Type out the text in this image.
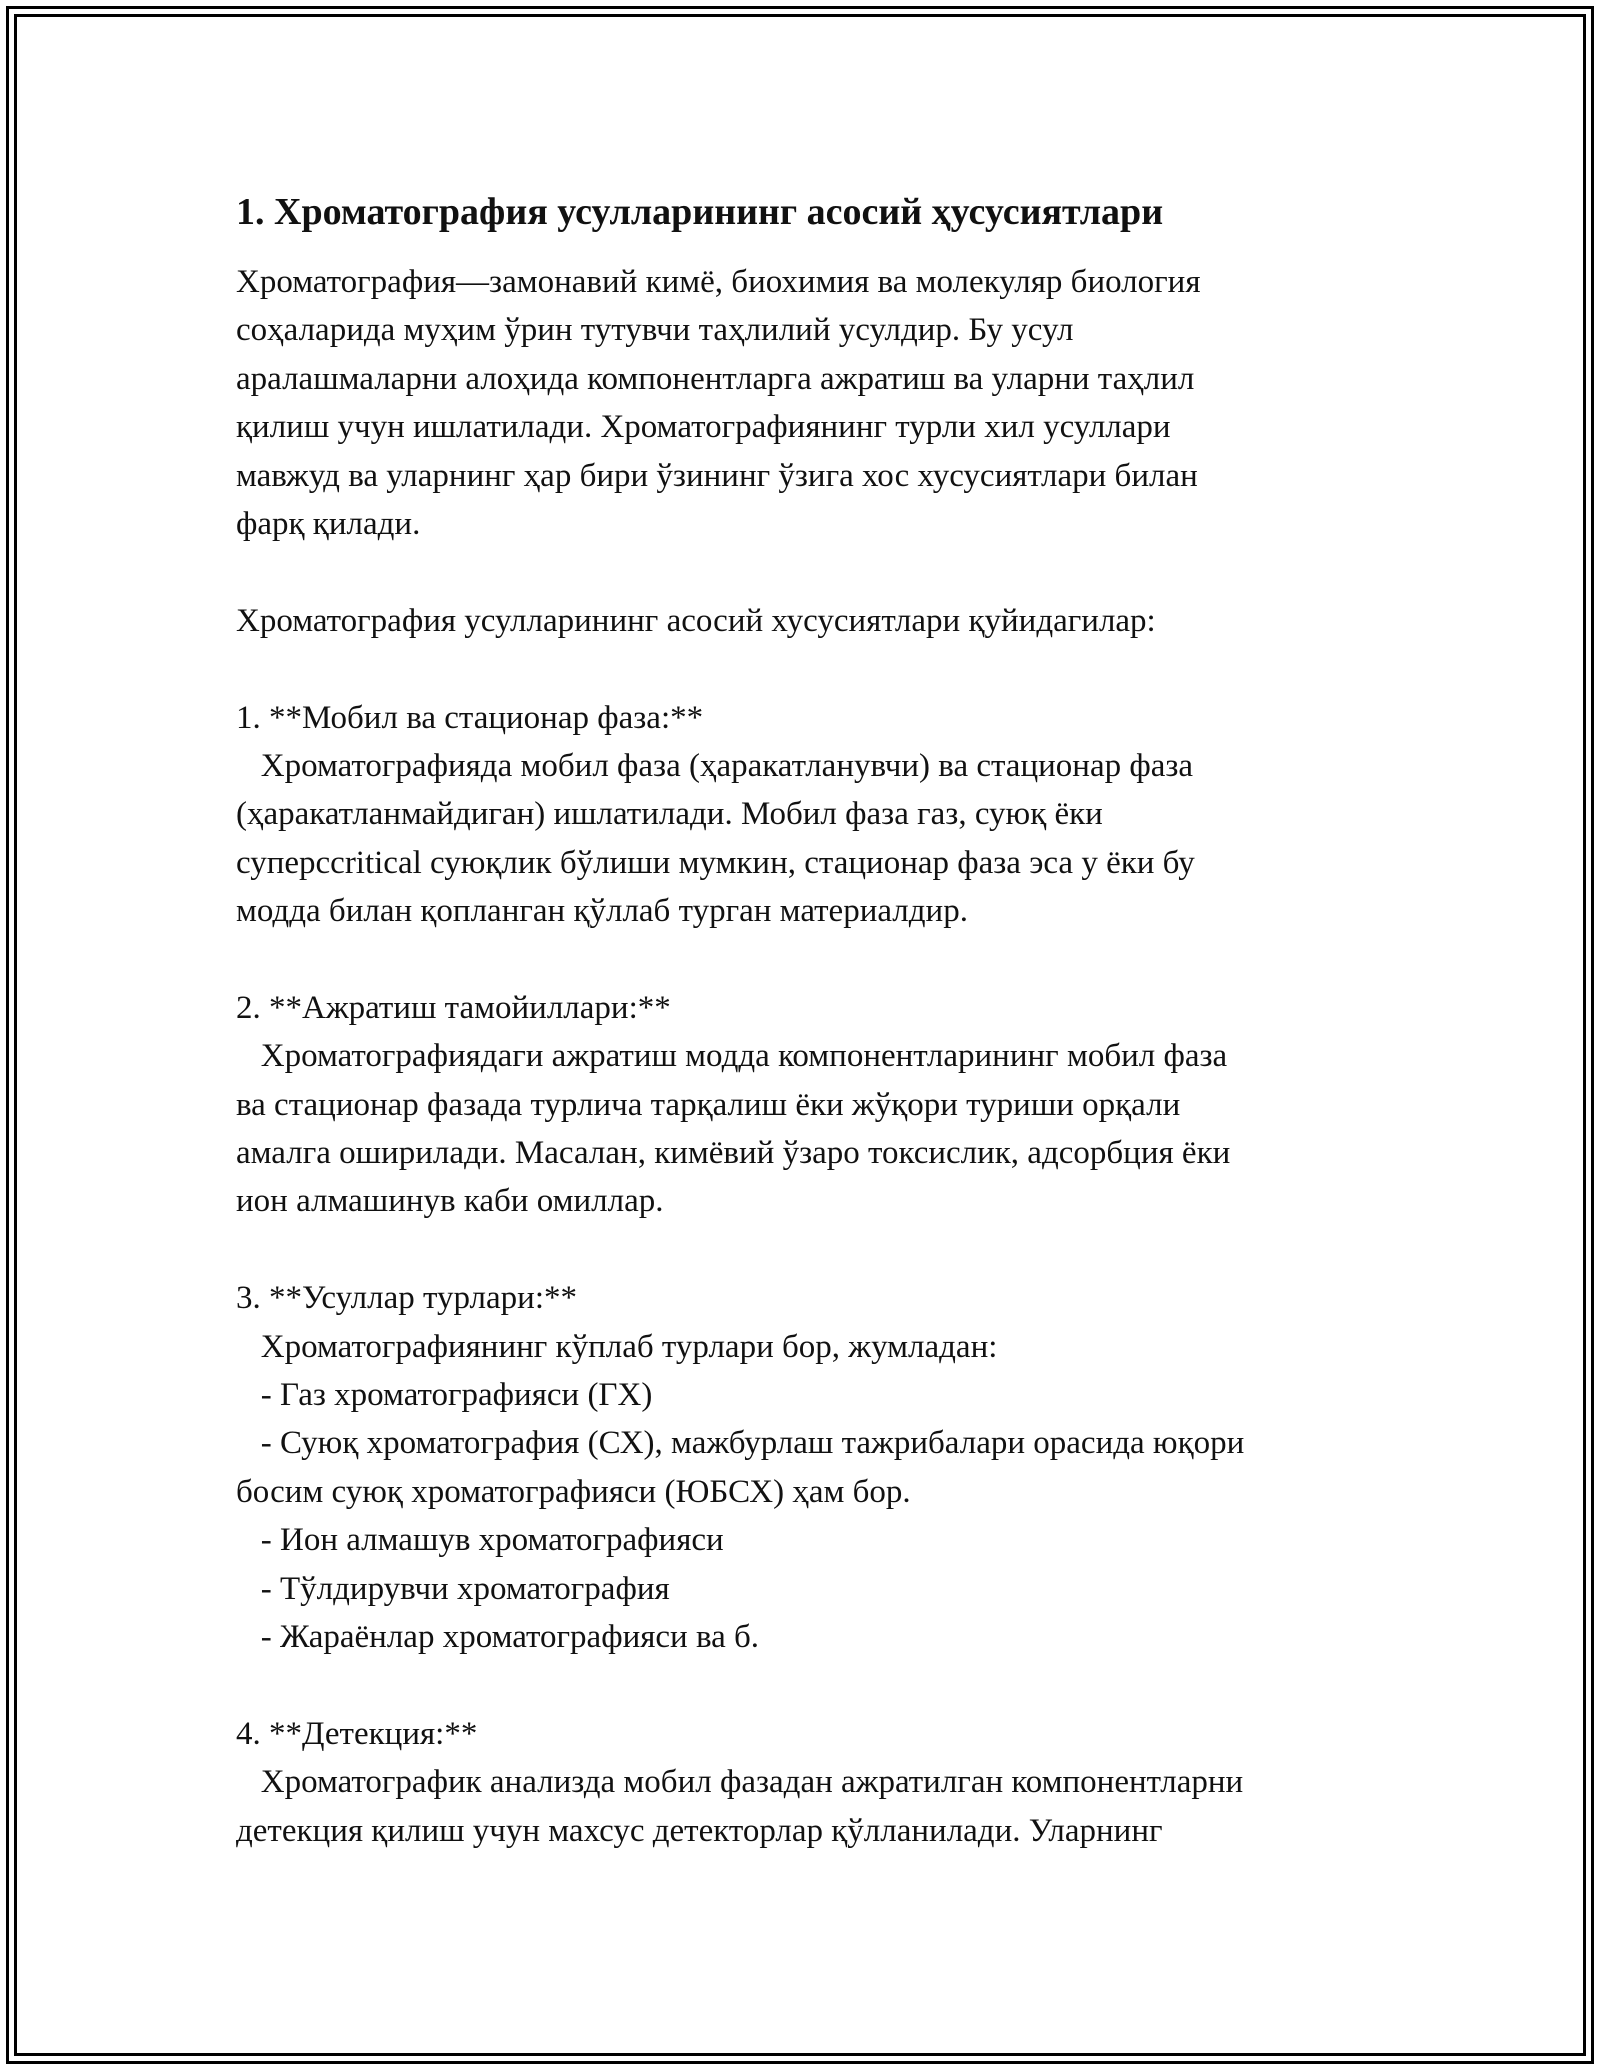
1. Хроматография усулларининг асосий ҳусусиятлари
Хроматография—замонавий кимё, биохимия ва молекуляр биология
соҳаларида муҳим ўрин тутувчи таҳлилий усулдир. Бу усул
аралашмаларни алоҳида компонентларга ажратиш ва уларни таҳлил
қилиш учун ишлатилади. Хроматографиянинг турли хил усуллари
мавжуд ва уларнинг ҳар бири ўзининг ўзига хос хусусиятлари билан
фарқ қилади.
Хроматография усулларининг асосий хусусиятлари қуйидагилар:
1. **Мобил ва стационар фаза:**
Хроматографияда мобил фаза (ҳаракатланувчи) ва стационар фаза
(ҳаракатланмайдиган) ишлатилади. Мобил фаза газ, суюқ ёки
суперсcritical суюқлик бўлиши мумкин, стационар фаза эса у ёки бу
модда билан қопланган қўллаб турган материалдир.
2. **Ажратиш тамойиллари:**
Хроматографиядаги ажратиш модда компонентларининг мобил фаза
ва стационар фазада турлича тарқалиш ёки жўқори туриши орқали
амалга оширилади. Масалан, кимёвий ўзаро токсислик, адсорбция ёки
ион алмашинув каби омиллар.
3. **Усуллар турлари:**
Хроматографиянинг кўплаб турлари бор, жумладан:
- Газ хроматографияси (ГХ)
- Суюқ хроматография (СХ), мажбурлаш тажрибалари орасида юқори
босим суюқ хроматографияси (ЮБСХ) ҳам бор.
- Ион алмашув хроматографияси
- Тўлдирувчи хроматография
- Жараёнлар хроматографияси ва б.
4. **Детекция:**
Хроматографик анализда мобил фазадан ажратилган компонентларни
детекция қилиш учун махсус детекторлар қўлланилади. Уларнинг
